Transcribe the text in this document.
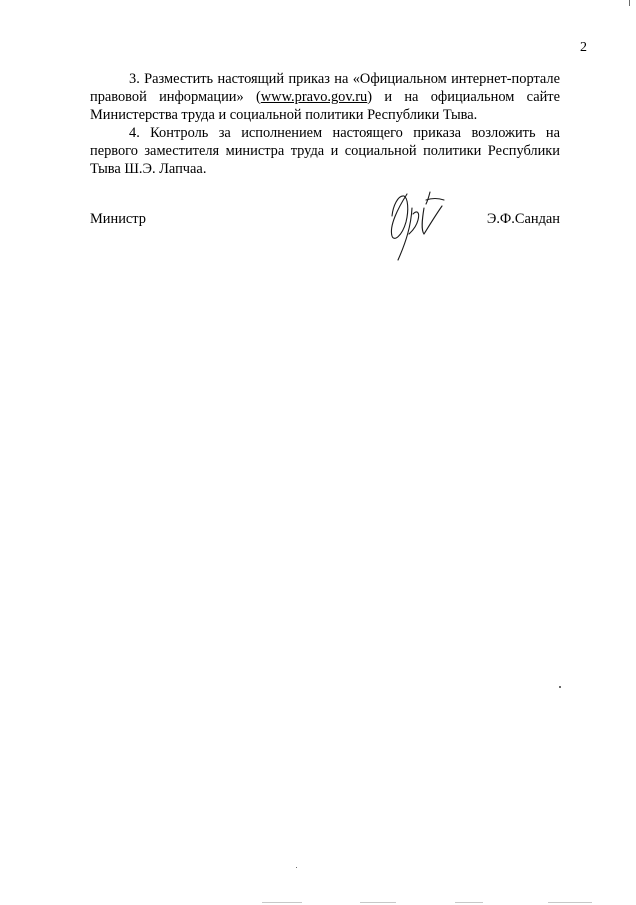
2

3. Разместить настоящий приказ на «Официальном интернет-портале правовой информации» (www.pravo.gov.ru) и на официальном сайте Министерства труда и социальной политики Республики Тыва.

4. Контроль за исполнением настоящего приказа возложить на первого заместителя министра труда и социальной политики Республики Тыва Ш.Э. Лапчаа.

Министр	Э.Ф.Сандан
